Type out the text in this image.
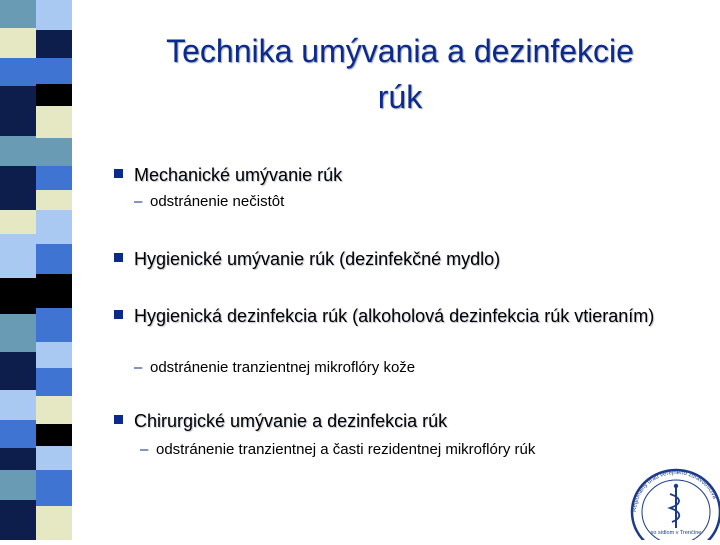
Technika umývania a dezinfekcie rúk
Mechanické umývanie rúk
– odstránenie nečistôt
Hygienické umývanie rúk (dezinfekčné mydlo)
Hygienická dezinfekcia rúk (alkoholová dezinfekcia rúk vtieraním)
– odstránenie tranzientnej mikroflóry kože
Chirurgické umývanie a dezinfekcia rúk
– odstránenie tranzientnej a časti rezidentnej mikroflóry rúk
Regionálny úrad verejného zdravotníctva
so sídlom v Trenčíne
